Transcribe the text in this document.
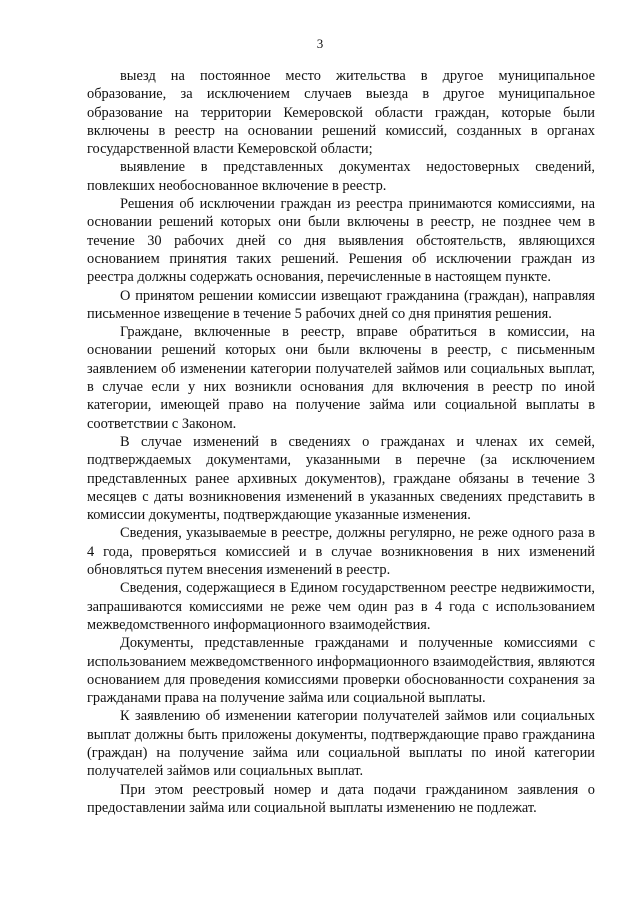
3

выезд на постоянное место жительства в другое муниципальное образование, за исключением случаев выезда в другое муниципальное образование на территории Кемеровской области граждан, которые были включены в реестр на основании решений комиссий, созданных в органах государственной власти Кемеровской области;

выявление в представленных документах недостоверных сведений, повлекших необоснованное включение в реестр.

Решения об исключении граждан из реестра принимаются комиссиями, на основании решений которых они были включены в реестр, не позднее чем в течение 30 рабочих дней со дня выявления обстоятельств, являющихся основанием принятия таких решений. Решения об исключении граждан из реестра должны содержать основания, перечисленные в настоящем пункте.

О принятом решении комиссии извещают гражданина (граждан), направляя письменное извещение в течение 5 рабочих дней со дня принятия решения.

Граждане, включенные в реестр, вправе обратиться в комиссии, на основании решений которых они были включены в реестр, с письменным заявлением об изменении категории получателей займов или социальных выплат, в случае если у них возникли основания для включения в реестр по иной категории, имеющей право на получение займа или социальной выплаты в соответствии с Законом.

В случае изменений в сведениях о гражданах и членах их семей, подтверждаемых документами, указанными в перечне (за исключением представленных ранее архивных документов), граждане обязаны в течение 3 месяцев с даты возникновения изменений в указанных сведениях представить в комиссии документы, подтверждающие указанные изменения.

Сведения, указываемые в реестре, должны регулярно, не реже одного раза в 4 года, проверяться комиссией и в случае возникновения в них изменений обновляться путем внесения изменений в реестр.

Сведения, содержащиеся в Едином государственном реестре недвижимости, запрашиваются комиссиями не реже чем один раз в 4 года с использованием межведомственного информационного взаимодействия.

Документы, представленные гражданами и полученные комиссиями с использованием межведомственного информационного взаимодействия, являются основанием для проведения комиссиями проверки обоснованности сохранения за гражданами права на получение займа или социальной выплаты.

К заявлению об изменении категории получателей займов или социальных выплат должны быть приложены документы, подтверждающие право гражданина (граждан) на получение займа или социальной выплаты по иной категории получателей займов или социальных выплат.

При этом реестровый номер и дата подачи гражданином заявления о предоставлении займа или социальной выплаты изменению не подлежат.
